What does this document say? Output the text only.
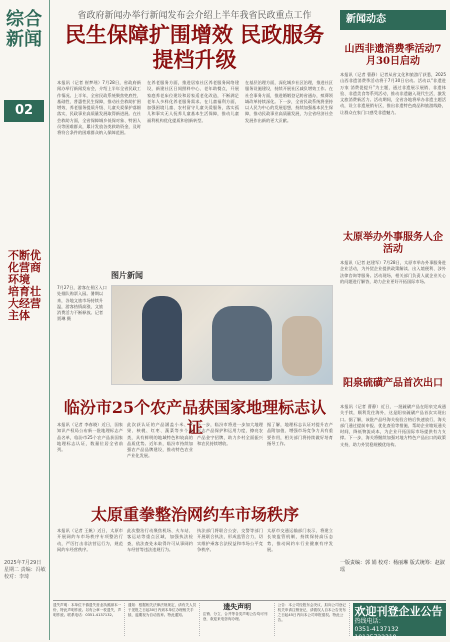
综合新闻
02
不断优化营商环境 培育壮大经营主体
2025年7月29日 星期二 责编：冯敏 校对：李琦
省政府新闻办举行新闻发布会介绍上半年我省民政重点工作
民生保障扩围增效 民政服务提档升级
本报讯（记者 崔梦瑶）7月28日，省政府新闻办举行新闻发布会，介绍上半年全省民政工作情况。上半年，全省民政系统聚焦兜底性、基础性、普惠性民生保障，推动社会救助扩围增效、养老服务提质升级、儿童关爱保护落细落实，民政事业高质量发展取得新进展。在社会救助方面，全省保障城乡低保对象、特困人员等困难群众，累计发放各类救助资金，及时将符合条件的困难群众纳入保障范围。
在养老服务方面，推进居家社区养老服务网络建设，新建社区日间照料中心、老年助餐点，开展家庭养老床位建设和居家适老化改造，不断满足老年人多样化养老服务需求。在儿童福利方面，加强困境儿童、农村留守儿童关爱服务，落实孤儿和事实无人抚养儿童基本生活保障，推动儿童福利机构优化提质和创新转型。
在基层治理方面，深化城乡社区治理，推进社区服务设施建设，持续开展社区减负增效工作。在社会事务方面，推进婚姻登记跨省通办，殡葬领域改革持续深化。下一步，全省民政系统将坚持以人民为中心的发展思想，持续加强基本民生保障，推动民政事业高质量发展，为全省经济社会发展作出新的更大贡献。
图片新闻
7月27日，游客在景区入口处排队购票入园。暑期以来，各地文旅市场持续升温，游客热情高涨，文旅消费活力不断释放。记者 贾琳 摄
临汾市25个农产品获国家地理标志认证
本报讯（记者 李春晓）近日，国家知识产权局公布新一批地理标志产品名单，临汾市25个农产品获国家地理标志认证，数量位居全省前列。
此次获认证的产品涵盖小米、苹果、核桃、红枣、蔬菜等多个品类，具有鲜明的地域特色和较高的品质优势。近年来，临汾市持续加强农产品品牌建设，推动特色农业产业化发展。
下一步，临汾市将进一步加大地理标志产品保护和运用力度，擦亮农产品金字招牌，助力乡村全面振兴和农民持续增收。
据了解，地理标志认证对提升农产品附加值、增强市场竞争力具有重要作用，相关部门将持续做好培育指导工作。
太原重拳整治网约车市场秩序
本报讯（记者 王帆）近日，太原市开展网约车市场秩序专项整治行动，严厉打击非法营运行为，规范网约车经营秩序。
此次整治行动聚焦机场、火车站、客运站等重点区域，加强执法检查，依法查处未取得许可从事网约车经营等违法违规行为。
执法部门将联合公安、交警等部门开展联合执法，形成监管合力，切实维护乘客合法权益和市场公平竞争秩序。
太原市交通运输部门表示，将建立长效监管机制，持续保持高压态势，推动网约车行业健康有序发展。
新闻动态
山西非遗消费季活动7月30日启动
本报讯（记者 曹静）记者从省文化和旅游厅获悉，2025山西非遗消费季活动将于7月30日启动。活动以“非遗进万家 消费促提升”为主题，通过非遗展示展销、非遗体验、非遗美食等系列活动，推动非遗融入现代生活，激发文旅消费新活力。活动期间，全省各地将举办非遗主题活动，设立非遗展销专区，推出非遗特色商品和旅游线路，让群众在家门口感受非遗魅力。
太原举办外事服务人企活动
本报讯（记者 赵建军）7月28日，太原市举办外事服务进企业活动，为外贸企业提供政策解读、出入境便利、涉外法律咨询等服务。活动现场，相关部门负责人就企业关心的问题进行解答，助力企业更好开拓国际市场。
阳泉硫磺产品首次出口
本报讯（记者 曹静）近日，一批硫磺产品在阳泉完成通关手续，顺利发往海外，这是阳泉硫磺产品首次实现出口。据了解，该批产品经海关检验合格后快速放行，海关部门通过提前申报、优化查验等措施，帮助企业缩短通关时间，降低物流成本，为企业开拓国际市场提供有力支撑。下一步，海关将继续加强对地方特色产品出口的政策支持，助力外贸稳规模优结构。
一版责编：郭 娟 校对：杨丽琳 版式统筹：赵淑瑶
遗失声明：本单位不慎遗失营业执照副本一份，特此声明作废。另有公章一枚遗失，声明作废。联系电话：0351-4137132。
通知：根据相关法律法规规定，请有关人员于见报之日起30日内到本单位办理相关手续，逾期视为自动放弃。特此通知。
遗失声明
注销、分立、合并等各类声明公告均可刊登，欢迎来电咨询办理。
公告：本公司经股东会决议，拟向公司登记机关申请注销登记，请债权人自本公告发布之日起45日内向本公司申报债权。特此公告。
欢迎刊登企业公告
热线电话：
0351-4137132
19135722318
